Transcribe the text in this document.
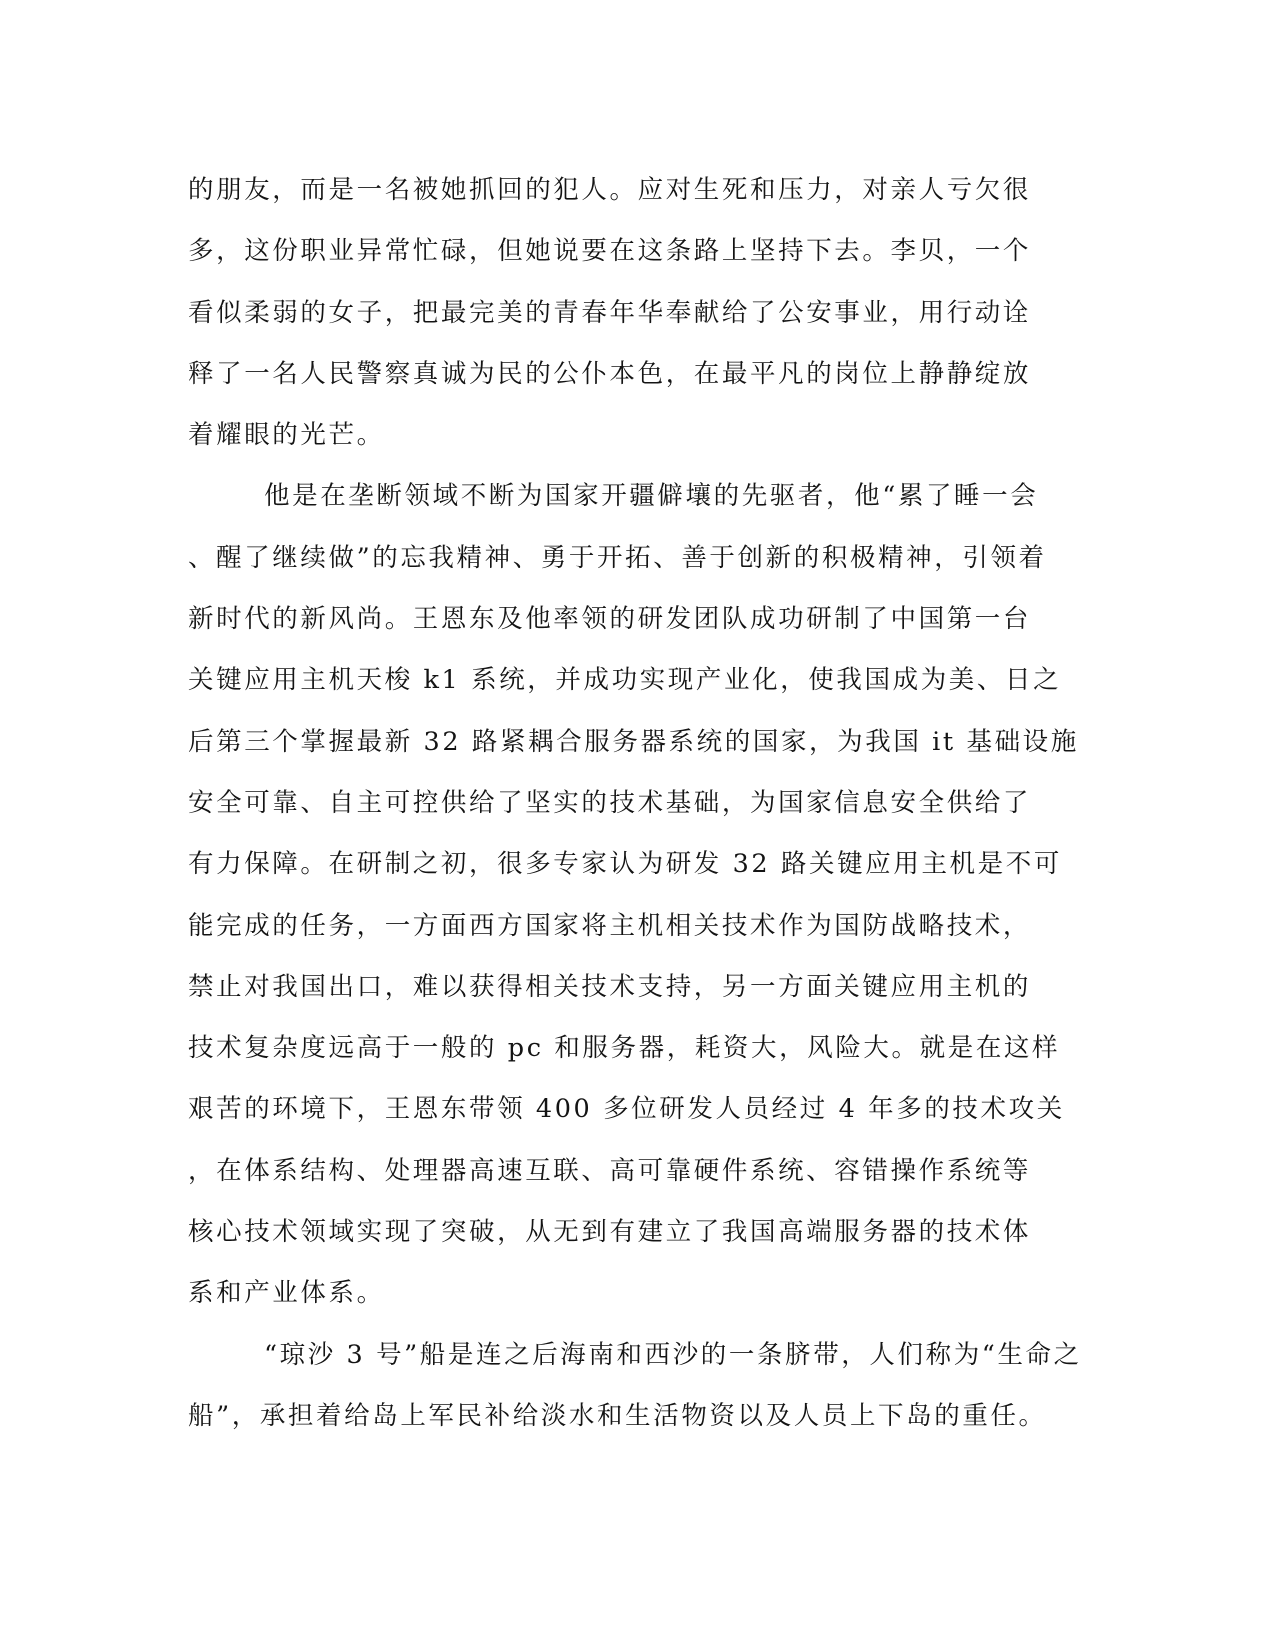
的朋友，而是一名被她抓回的犯人。应对生死和压力，对亲人亏欠很
多，这份职业异常忙碌，但她说要在这条路上坚持下去。李贝，一个
看似柔弱的女子，把最完美的青春年华奉献给了公安事业，用行动诠
释了一名人民警察真诚为民的公仆本色，在最平凡的岗位上静静绽放
着耀眼的光芒。
他是在垄断领域不断为国家开疆僻壤的先驱者，他“累了睡一会
、醒了继续做”的忘我精神、勇于开拓、善于创新的积极精神，引领着
新时代的新风尚。王恩东及他率领的研发团队成功研制了中国第一台
关键应用主机天梭 k1 系统，并成功实现产业化，使我国成为美、日之
后第三个掌握最新 32 路紧耦合服务器系统的国家，为我国 it 基础设施
安全可靠、自主可控供给了坚实的技术基础，为国家信息安全供给了
有力保障。在研制之初，很多专家认为研发 32 路关键应用主机是不可
能完成的任务，一方面西方国家将主机相关技术作为国防战略技术，
禁止对我国出口，难以获得相关技术支持，另一方面关键应用主机的
技术复杂度远高于一般的 pc 和服务器，耗资大，风险大。就是在这样
艰苦的环境下，王恩东带领 400 多位研发人员经过 4 年多的技术攻关
，在体系结构、处理器高速互联、高可靠硬件系统、容错操作系统等
核心技术领域实现了突破，从无到有建立了我国高端服务器的技术体
系和产业体系。
“琼沙 3 号”船是连之后海南和西沙的一条脐带，人们称为“生命之
船”，承担着给岛上军民补给淡水和生活物资以及人员上下岛的重任。
